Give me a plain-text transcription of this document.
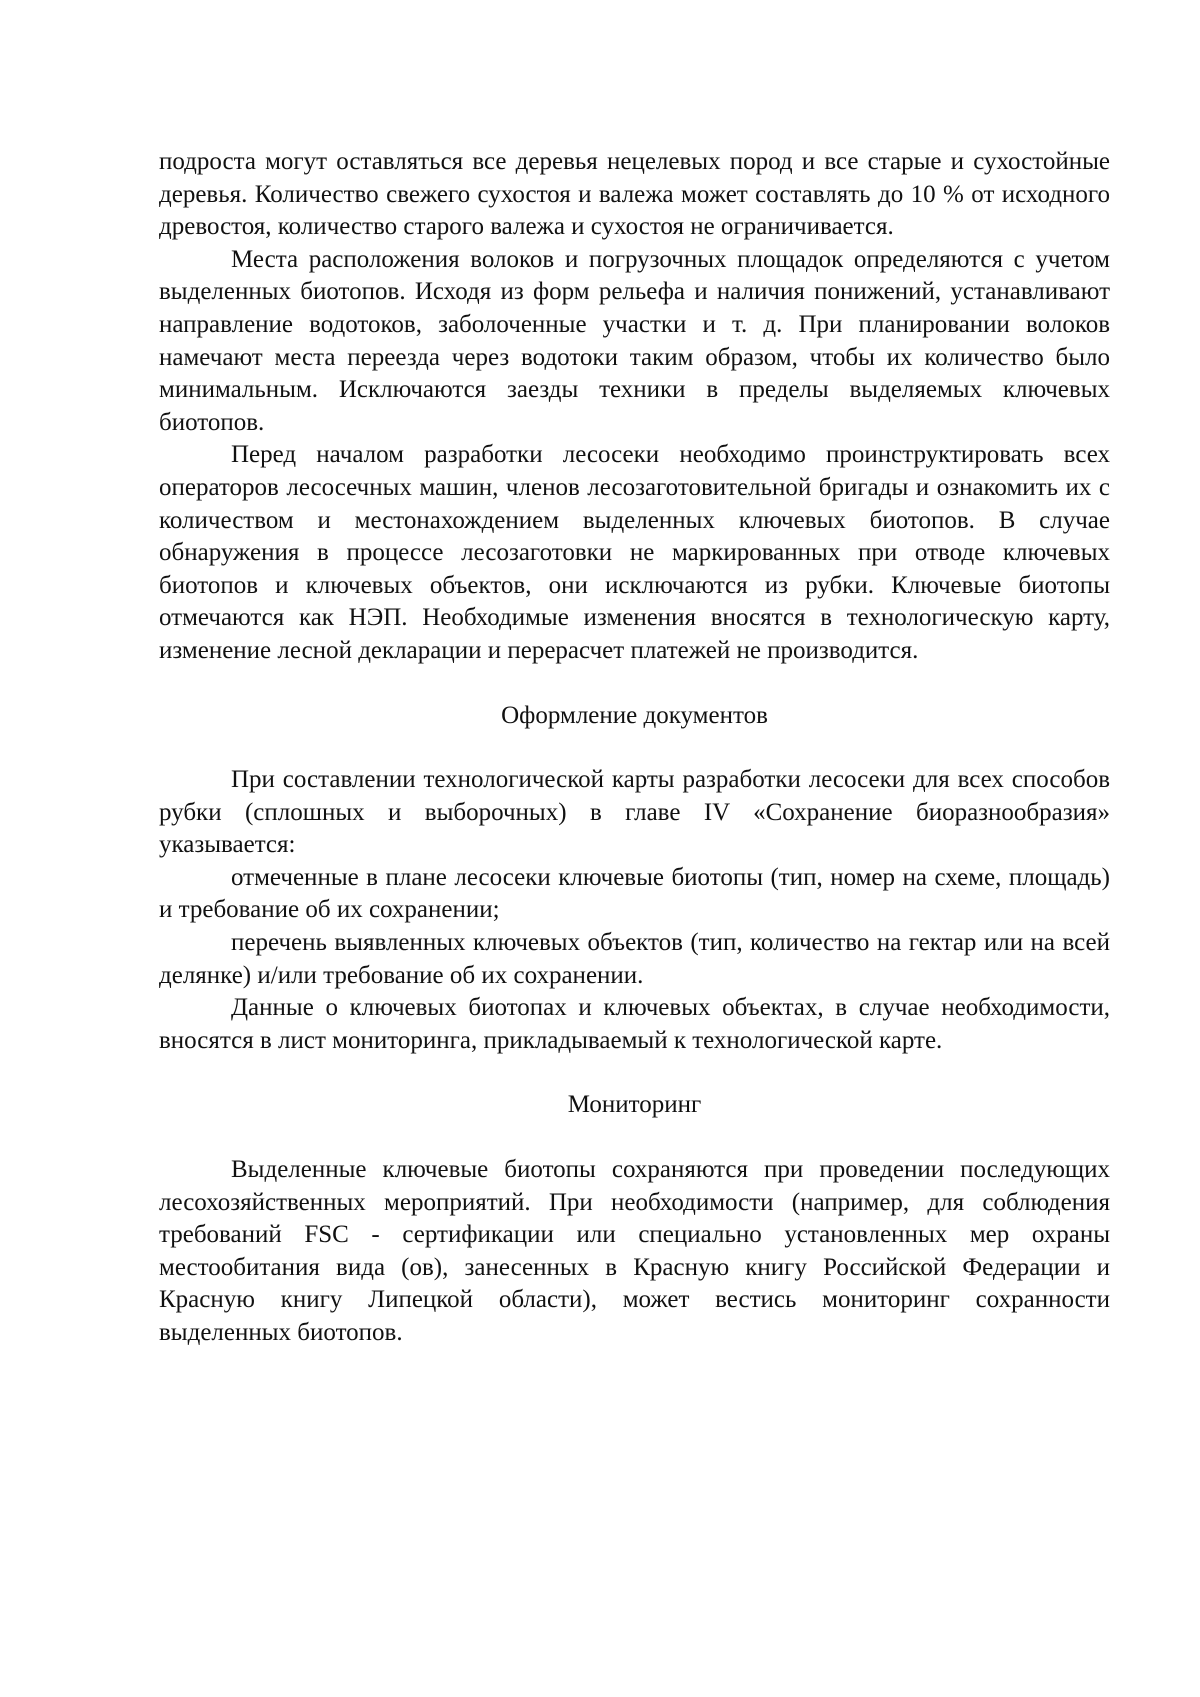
подроста могут оставляться все деревья нецелевых пород и все старые и сухостойные деревья. Количество свежего сухостоя и валежа может составлять до 10 % от исходного древостоя, количество старого валежа и сухостоя не ограничивается.

Места расположения волоков и погрузочных площадок определяются с учетом выделенных биотопов. Исходя из форм рельефа и наличия понижений, устанавливают направление водотоков, заболоченные участки и т. д. При планировании волоков намечают места переезда через водотоки таким образом, чтобы их количество было минимальным. Исключаются заезды техники в пределы выделяемых ключевых биотопов.

Перед началом разработки лесосеки необходимо проинструктировать всех операторов лесосечных машин, членов лесозаготовительной бригады и ознакомить их с количеством и местонахождением выделенных ключевых биотопов. В случае обнаружения в процессе лесозаготовки не маркированных при отводе ключевых биотопов и ключевых объектов, они исключаются из рубки. Ключевые биотопы отмечаются как НЭП. Необходимые изменения вносятся в технологическую карту, изменение лесной декларации и перерасчет платежей не производится.

Оформление документов

При составлении технологической карты разработки лесосеки для всех способов рубки (сплошных и выборочных) в главе IV «Сохранение биоразнообразия» указывается:

отмеченные в плане лесосеки ключевые биотопы (тип, номер на схеме, площадь) и требование об их сохранении;

перечень выявленных ключевых объектов (тип, количество на гектар или на всей делянке) и/или требование об их сохранении.

Данные о ключевых биотопах и ключевых объектах, в случае необходимости, вносятся в лист мониторинга, прикладываемый к технологической карте.

Мониторинг

Выделенные ключевые биотопы сохраняются при проведении последующих лесохозяйственных мероприятий. При необходимости (например, для соблюдения требований FSC - сертификации или специально установленных мер охраны местообитания вида (ов), занесенных в Красную книгу Российской Федерации и Красную книгу Липецкой области), может вестись мониторинг сохранности выделенных биотопов.
